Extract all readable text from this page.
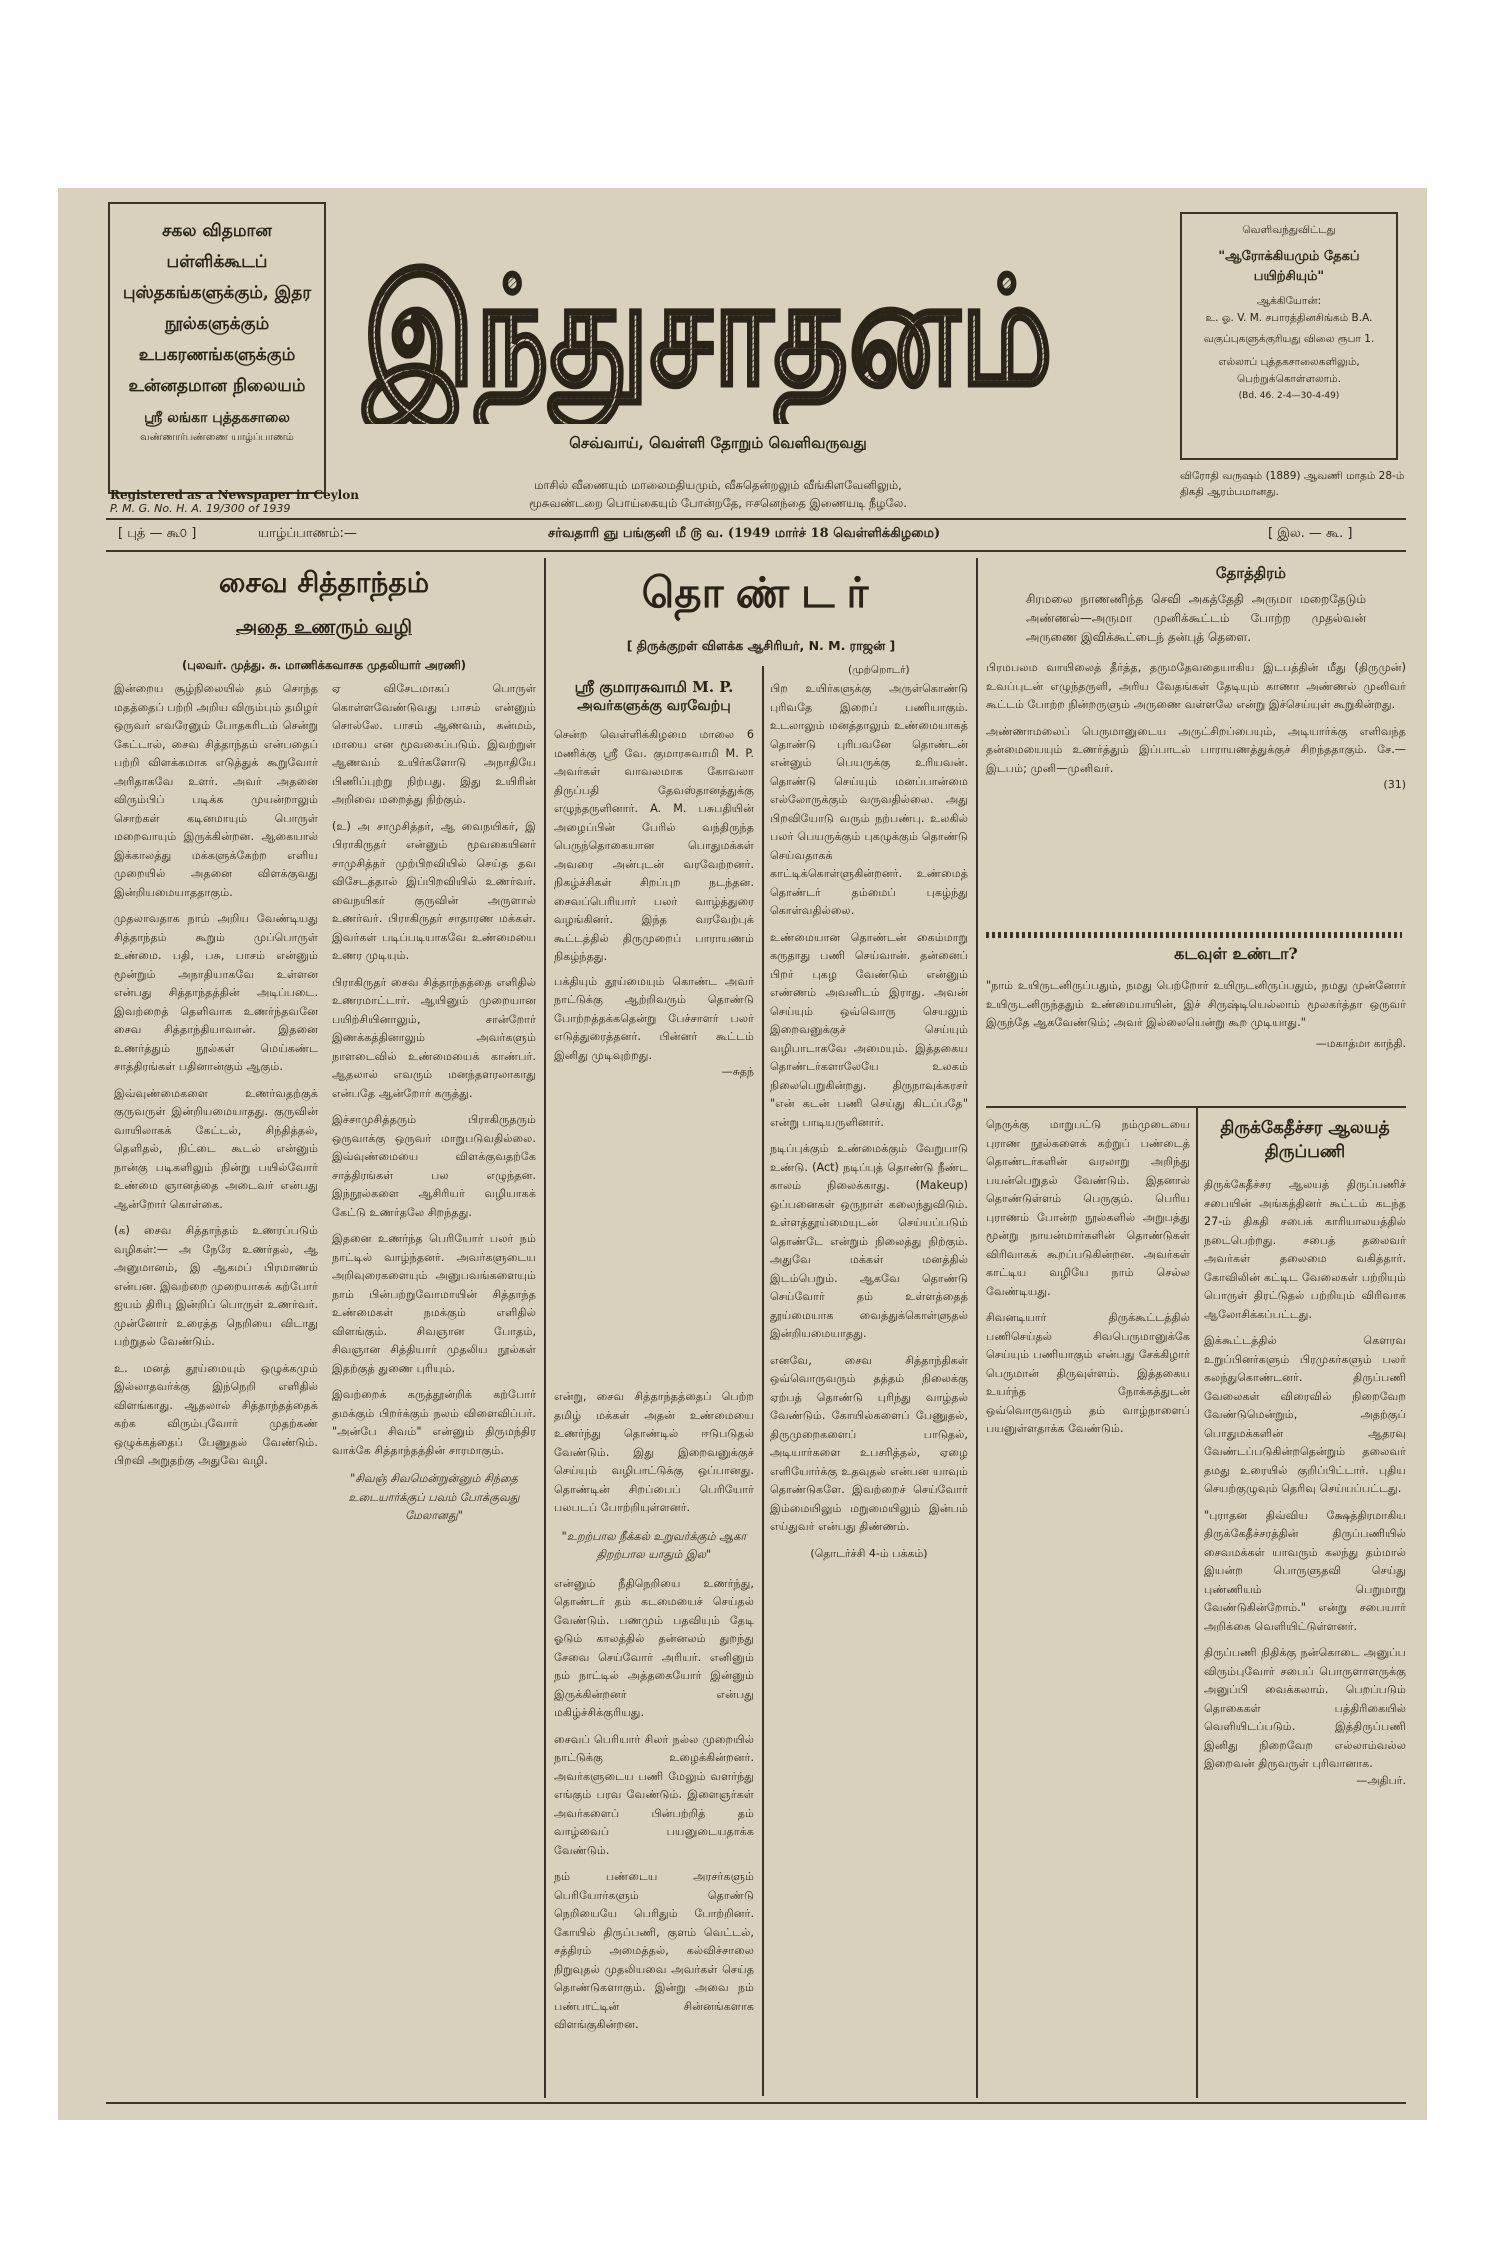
சகல விதமான பள்ளிக்கூடப் புஸ்தகங்களுக்கும், இதர நூல்களுக்கும் உபகரணங்களுக்கும் உன்னதமான நிலையம்
ஸ்ரீ லங்கா புத்தகசாலை
வண்ணார்பண்ணை யாழ்ப்பாணம்
Registered as a Newspaper in Ceylon
P. M. G. No. H. A. 19/300 of 1939
இந்துசாத
செவ்வாய், வெள்ளி தோறும் வெளிவருவது
மாசில் வீணையும் மாலைமதியமும், வீசுதென்றலும் வீங்கிளவேனிலும்,
மூசுவண்டறை பொய்கையும் போன்றதே, ஈசனெந்தை இணையடி நீழலே.
வெளிவந்துவிட்டது
"ஆரோக்கியமும் தேகப் பயிற்சியும்"
ஆக்கியோன்:
உ. ஓ. V. M. சபாரத்தினசிங்கம் B.A.
வகுப்புகளுக்குரியது விலை ரூபா 1.
எல்லாப் புத்தகசாலைகளிலும், பெற்றுக்கொள்ளலாம்.
(Bd. 46. 2-4—30-4-49)
விரோதி வருஷம் (1889) ஆவணி மாதம் 28-ம் திகதி ஆரம்பமானது.
[ புத் — கூ௦ ]	யாழ்ப்பாணம்:—	சர்வதாரி ஞு பங்குனி மீ ௫ வ. (1949 மார்ச் 18 வெள்ளிக்கிழமை)	[ இல. — கூ. ]
சைவ சித்தாந்தம்
அதை உணரும் வழி
(புலவர். முத்து. சு. மாணிக்கவாசக முதலியார் அரணி)

இன்றைய சூழ்நிலையில் தம் சொந்த மதத்தைப் பற்றி அறிய விரும்பும் தமிழர் ஒருவர் எவரேனும் போதகரிடம் சென்று கேட்டால், சைவ சித்தாந்தம் என்பதைப் பற்றி விளக்கமாக எடுத்துக் கூறுவோர் அரிதாகவே உளர். அவர் அதனை விரும்பிப் படிக்க முயன்றாலும் சொற்கள் கடினமாயும் பொருள் மறைவாயும் இருக்கின்றன. ஆகையால் இக்காலத்து மக்களுக்கேற்ற எளிய முறையில் அதனை விளக்குவது இன்றியமையாததாகும்.

முதலாவதாக நாம் அறிய வேண்டியது சித்தாந்தம் கூறும் முப்பொருள் உண்மை. பதி, பசு, பாசம் என்னும் மூன்றும் அநாதியாகவே உள்ளன என்பது சித்தாந்தத்தின் அடிப்படை. இவற்றைத் தெளிவாக உணர்ந்தவனே சைவ சித்தாந்தியாவான். இதனை உணர்த்தும் நூல்கள் மெய்கண்ட சாத்திரங்கள் பதினான்கும் ஆகும்.

இவ்வுண்மைகளை உணர்வதற்குக் குருவருள் இன்றியமையாதது. குருவின் வாயிலாகக் கேட்டல், சிந்தித்தல், தெளிதல், நிட்டை கூடல் என்னும் நான்கு படிகளிலும் நின்று பயில்வோர் உண்மை ஞானத்தை அடைவர் என்பது ஆன்றோர் கொள்கை.

(க) சைவ சித்தாந்தம் உணரப்படும் வழிகள்:— அ நேரே உணர்தல், ஆ அனுமானம், இ ஆகமப் பிரமாணம் என்பன. இவற்றை முறையாகக் கற்போர் ஐயம் திரிபு இன்றிப் பொருள் உணர்வர். முன்னோர் உரைத்த நெறியை விடாது பற்றுதல் வேண்டும்.

உ. மனத் தூய்மையும் ஒழுக்கமும் இல்லாதவர்க்கு இந்நெறி எளிதில் விளங்காது. ஆதலால் சித்தாந்தத்தைக் கற்க விரும்புவோர் முதற்கண் ஒழுக்கத்தைப் பேணுதல் வேண்டும். பிறவி அறுதற்கு அதுவே வழி.

ஏ விசேடமாகப் பொருள் கொள்ளவேண்டுவது பாசம் என்னும் சொல்லே. பாசம் ஆணவம், கன்மம், மாயை என மூவகைப்படும். இவற்றுள் ஆணவம் உயிர்களோடு அநாதியே பிணிப்புற்று நிற்பது. இது உயிரின் அறிவை மறைத்து நிற்கும்.

(உ) அ சாமுசித்தர், ஆ வைநயிகர், இ பிராகிருதர் என்னும் மூவகையினர் சாமுசித்தர் முற்பிறவியில் செய்த தவ விசேடத்தால் இப்பிறவியில் உணர்வர். வைநயிகர் குருவின் அருளால் உணர்வர். பிராகிருதர் சாதாரண மக்கள். இவர்கள் படிப்படியாகவே உண்மையை உணர முடியும்.

பிராகிருதர் சைவ சித்தாந்தத்தை எளிதில் உணரமாட்டார். ஆயினும் முறையான பயிற்சியினாலும், சான்றோர் இணக்கத்தினாலும் அவர்களும் நாளடைவில் உண்மையைக் காண்பர். ஆதலால் எவரும் மனந்தளரலாகாது என்பதே ஆன்றோர் கருத்து.

இச்சாமுசித்தரும் பிராகிருதரும் ஒருவாக்கு ஒருவர் மாறுபடுவதில்லை. இவ்வுண்மையை விளக்குவதற்கே சாத்திரங்கள் பல எழுந்தன. இந்நூல்களை ஆசிரியர் வழியாகக் கேட்டு உணர்தலே சிறந்தது.

இதனை உணர்ந்த பெரியோர் பலர் நம் நாட்டில் வாழ்ந்தனர். அவர்களுடைய அறிவுரைகளையும் அனுபவங்களையும் நாம் பின்பற்றுவோமாயின் சித்தாந்த உண்மைகள் நமக்கும் எளிதில் விளங்கும். சிவஞான போதம், சிவஞான சித்தியார் முதலிய நூல்கள் இதற்குத் துணை புரியும்.

இவற்றைக் கருத்தூன்றிக் கற்போர் தமக்கும் பிறர்க்கும் நலம் விளைவிப்பர். "அன்பே சிவம்" என்னும் திருமந்திர வாக்கே சித்தாந்தத்தின் சாரமாகும்.

"சிவஞ் சிவமென்றுன்னும் சிந்தை உடையார்க்குப் பவம் போக்குவது மேலானது"

தொண்டர்
[ திருக்குறள் விளக்க ஆசிரியர், N. M. ராஜன் ]
(முற்றொடர்)
ஸ்ரீ குமாரசுவாமி M. P.
அவர்களுக்கு வரவேற்பு

சென்ற வெள்ளிக்கிழமை மாலை 6 மணிக்கு ஸ்ரீ வே. குமாரசுவாமி M. P. அவர்கள் வாவலமாக கோவலா திருப்பதி தேவஸ்தானத்துக்கு எழுந்தருளினார். A. M. பசுபதியின் அழைப்பின் பேரில் வந்திருந்த பெருந்தொகையான பொதுமக்கள் அவரை அன்புடன் வரவேற்றனர். நிகழ்ச்சிகள் சிறப்புற நடந்தன. சைவப்பெரியார் பலர் வாழ்த்துரை வழங்கினர். இந்த வரவேற்புக் கூட்டத்தில் திருமுறைப் பாராயணம் நிகழ்ந்தது.

பக்தியும் தூய்மையும் கொண்ட அவர் நாட்டுக்கு ஆற்றிவரும் தொண்டு போற்றத்தக்கதென்று பேச்சாளர் பலர் எடுத்துரைத்தனர். பின்னர் கூட்டம் இனிது முடிவுற்றது.

—சுதந்

என்று, சைவ சித்தாந்தத்தைப் பெற்ற தமிழ் மக்கள் அதன் உண்மையை உணர்ந்து தொண்டில் ஈடுபடுதல் வேண்டும். இது இறைவனுக்குச் செய்யும் வழிபாட்டுக்கு ஒப்பானது. தொண்டின் சிறப்பைப் பெரியோர் பலபடப் போற்றியுள்ளனர்.

"உறற்பால நீக்கல் உறுவர்க்கும் ஆகா திறற்பால யாதும் இல"

என்னும் நீதிநெறியை உணர்ந்து, தொண்டர் தம் கடமையைச் செய்தல் வேண்டும். பணமும் பதவியும் தேடி ஓடும் காலத்தில் தன்னலம் துறந்து சேவை செய்வோர் அரியர். எனினும் நம் நாட்டில் அத்தகையோர் இன்னும் இருக்கின்றனர் என்பது மகிழ்ச்சிக்குரியது.

சைவப் பெரியார் சிலர் நல்ல முறையில் நாட்டுக்கு உழைக்கின்றனர். அவர்களுடைய பணி மேலும் வளர்ந்து எங்கும் பரவ வேண்டும். இளைஞர்கள் அவர்களைப் பின்பற்றித் தம் வாழ்வைப் பயனுடையதாக்க வேண்டும்.

நம் பண்டைய அரசர்களும் பெரியோர்களும் தொண்டு நெறியையே பெரிதும் போற்றினர். கோயில் திருப்பணி, குளம் வெட்டல், சத்திரம் அமைத்தல், கல்விச்சாலை நிறுவுதல் முதலியவை அவர்கள் செய்த தொண்டுகளாகும். இன்று அவை நம் பண்பாட்டின் சின்னங்களாக விளங்குகின்றன.

பிற உயிர்களுக்கு அருள்கொண்டு புரிவதே இறைப் பணியாகும். உடலாலும் மனத்தாலும் உண்மையாகத் தொண்டு புரிபவனே தொண்டன் என்னும் பெயருக்கு உரியவன். தொண்டு செய்யும் மனப்பான்மை எல்லோருக்கும் வருவதில்லை. அது பிறவியோடு வரும் நற்பண்பு. உலகில் பலர் பெயருக்கும் புகழுக்கும் தொண்டு செய்வதாகக் காட்டிக்கொள்ளுகின்றனர். உண்மைத் தொண்டர் தம்மைப் புகழ்ந்து கொள்வதில்லை.

உண்மையான தொண்டன் கைம்மாறு கருதாது பணி செய்வான். தன்னைப் பிறர் புகழ வேண்டும் என்னும் எண்ணம் அவனிடம் இராது. அவன் செய்யும் ஒவ்வொரு செயலும் இறைவனுக்குச் செய்யும் வழிபாடாகவே அமையும். இத்தகைய தொண்டர்களாலேயே உலகம் நிலைபெறுகின்றது. திருநாவுக்கரசர் "என் கடன் பணி செய்து கிடப்பதே" என்று பாடியருளினார்.

நடிப்புக்கும் உண்மைக்கும் வேறுபாடு உண்டு. (Act) நடிப்புத் தொண்டு நீண்ட காலம் நிலைக்காது. (Makeup) ஒப்பனைகள் ஒருநாள் கலைந்துவிடும். உள்ளத்தூய்மையுடன் செய்யப்படும் தொண்டே என்றும் நிலைத்து நிற்கும். அதுவே மக்கள் மனத்தில் இடம்பெறும். ஆகவே தொண்டு செய்வோர் தம் உள்ளத்தைத் தூய்மையாக வைத்துக்கொள்ளுதல் இன்றியமையாதது.

எனவே, சைவ சித்தாந்திகள் ஒவ்வொருவரும் தத்தம் நிலைக்கு ஏற்பத் தொண்டு புரிந்து வாழ்தல் வேண்டும். கோயில்களைப் பேணுதல், திருமுறைகளைப் பாடுதல், அடியார்களை உபசரித்தல், ஏழை எளியோர்க்கு உதவுதல் என்பன யாவும் தொண்டுகளே. இவற்றைச் செய்வோர் இம்மையிலும் மறுமையிலும் இன்பம் எய்துவர் என்பது திண்ணம்.

(தொடர்ச்சி 4-ம் பக்கம்)
தோத்திரம்

சிரமலை நாணணிந்த செவி அகத்தேதி அருமா மறைதேடும் அண்ணல்—அருமா முனிக்கூட்டம் போற்ற முதல்வன் அருணை இவிக்கூட்டைந் தன்புத் தெளை.

பிரமபலம வாயிலைத் தீர்த்த, தருமதேவதையாகிய இடபத்தின் மீது (திருமுன்) உவப்புடன் எழுந்தருளி, அரிய வேதங்கள் தேடியும் காணா அண்ணல் முனிவர் கூட்டம் போற்ற நின்றருளும் அருணை வள்ளலே என்று இச்செய்யுள் கூறுகின்றது.

அண்ணாமலைப் பெருமானுடைய அருட்சிறப்பையும், அடியார்க்கு எளிவந்த தன்மையையும் உணர்த்தும் இப்பாடல் பாராயணத்துக்குச் சிறந்ததாகும். சே.—இடபம்; முனி—முனிவர்.

(31)
கடவுள் உண்டா?

"நாம் உயிருடனிருப்பதும், நமது பெற்றோர் உயிருடனிருப்பதும், நமது முன்னோர் உயிருடனிருந்ததும் உண்மையாயின், இச் சிருஷ்டியெல்லாம் மூலகர்த்தா ஒருவர் இருந்தே ஆகவேண்டும்; அவர் இல்லையென்று கூற முடியாது."

—மகாத்மா காந்தி.

நெருக்கு மாறுபட்டு நம்முடையை புராண நூல்களைக் கற்றுப் பண்டைத் தொண்டர்களின் வரலாறு அறிந்து பயன்பெறுதல் வேண்டும். இதனால் தொண்டுள்ளம் பெருகும். பெரிய புராணம் போன்ற நூல்களில் அறுபத்து மூன்று நாயன்மார்களின் தொண்டுகள் விரிவாகக் கூறப்படுகின்றன. அவர்கள் காட்டிய வழியே நாம் செல்ல வேண்டியது.

சிவனடியார் திருக்கூட்டத்தில் பணிசெய்தல் சிவபெருமானுக்கே செய்யும் பணியாகும் என்பது சேக்கிழார் பெருமான் திருவுள்ளம். இத்தகைய உயர்ந்த நோக்கத்துடன் ஒவ்வொருவரும் தம் வாழ்நாளைப் பயனுள்ளதாக்க வேண்டும்.

திருக்கேதீச்சர ஆலயத் திருப்பணி

திருக்கேதீச்சர ஆலயத் திருப்பணிச் சபையின் அங்கத்தினர் கூட்டம் கடந்த 27-ம் திகதி சபைக் காரியாலயத்தில் நடைபெற்றது. சபைத் தலைவர் அவர்கள் தலைமை வகித்தார். கோவிலின் கட்டிட வேலைகள் பற்றியும் பொருள் திரட்டுதல் பற்றியும் விரிவாக ஆலோசிக்கப்பட்டது.

இக்கூட்டத்தில் கௌரவ உறுப்பினர்களும் பிரமுகர்களும் பலர் கலந்துகொண்டனர். திருப்பணி வேலைகள் விரைவில் நிறைவேற வேண்டுமென்றும், அதற்குப் பொதுமக்களின் ஆதரவு வேண்டப்படுகின்றதென்றும் தலைவர் தமது உரையில் குறிப்பிட்டார். புதிய செயற்குழுவும் தெரிவு செய்யப்பட்டது.

"புராதன திவ்விய க்ஷேத்திரமாகிய திருக்கேதீச்சரத்தின் திருப்பணியில் சைவமக்கள் யாவரும் கலந்து தம்மால் இயன்ற பொருளுதவி செய்து புண்ணியம் பெறுமாறு வேண்டுகின்றோம்." என்று சபையார் அறிக்கை வெளியிட்டுள்ளனர்.

திருப்பணி நிதிக்கு நன்கொடை அனுப்ப விரும்புவோர் சபைப் பொருளாளருக்கு அனுப்பி வைக்கலாம். பெறப்படும் தொகைகள் பத்திரிகையில் வெளியிடப்படும். இத்திருப்பணி இனிது நிறைவேற எல்லாம்வல்ல இறைவன் திருவருள் புரிவானாக.

—அதிபர்.
